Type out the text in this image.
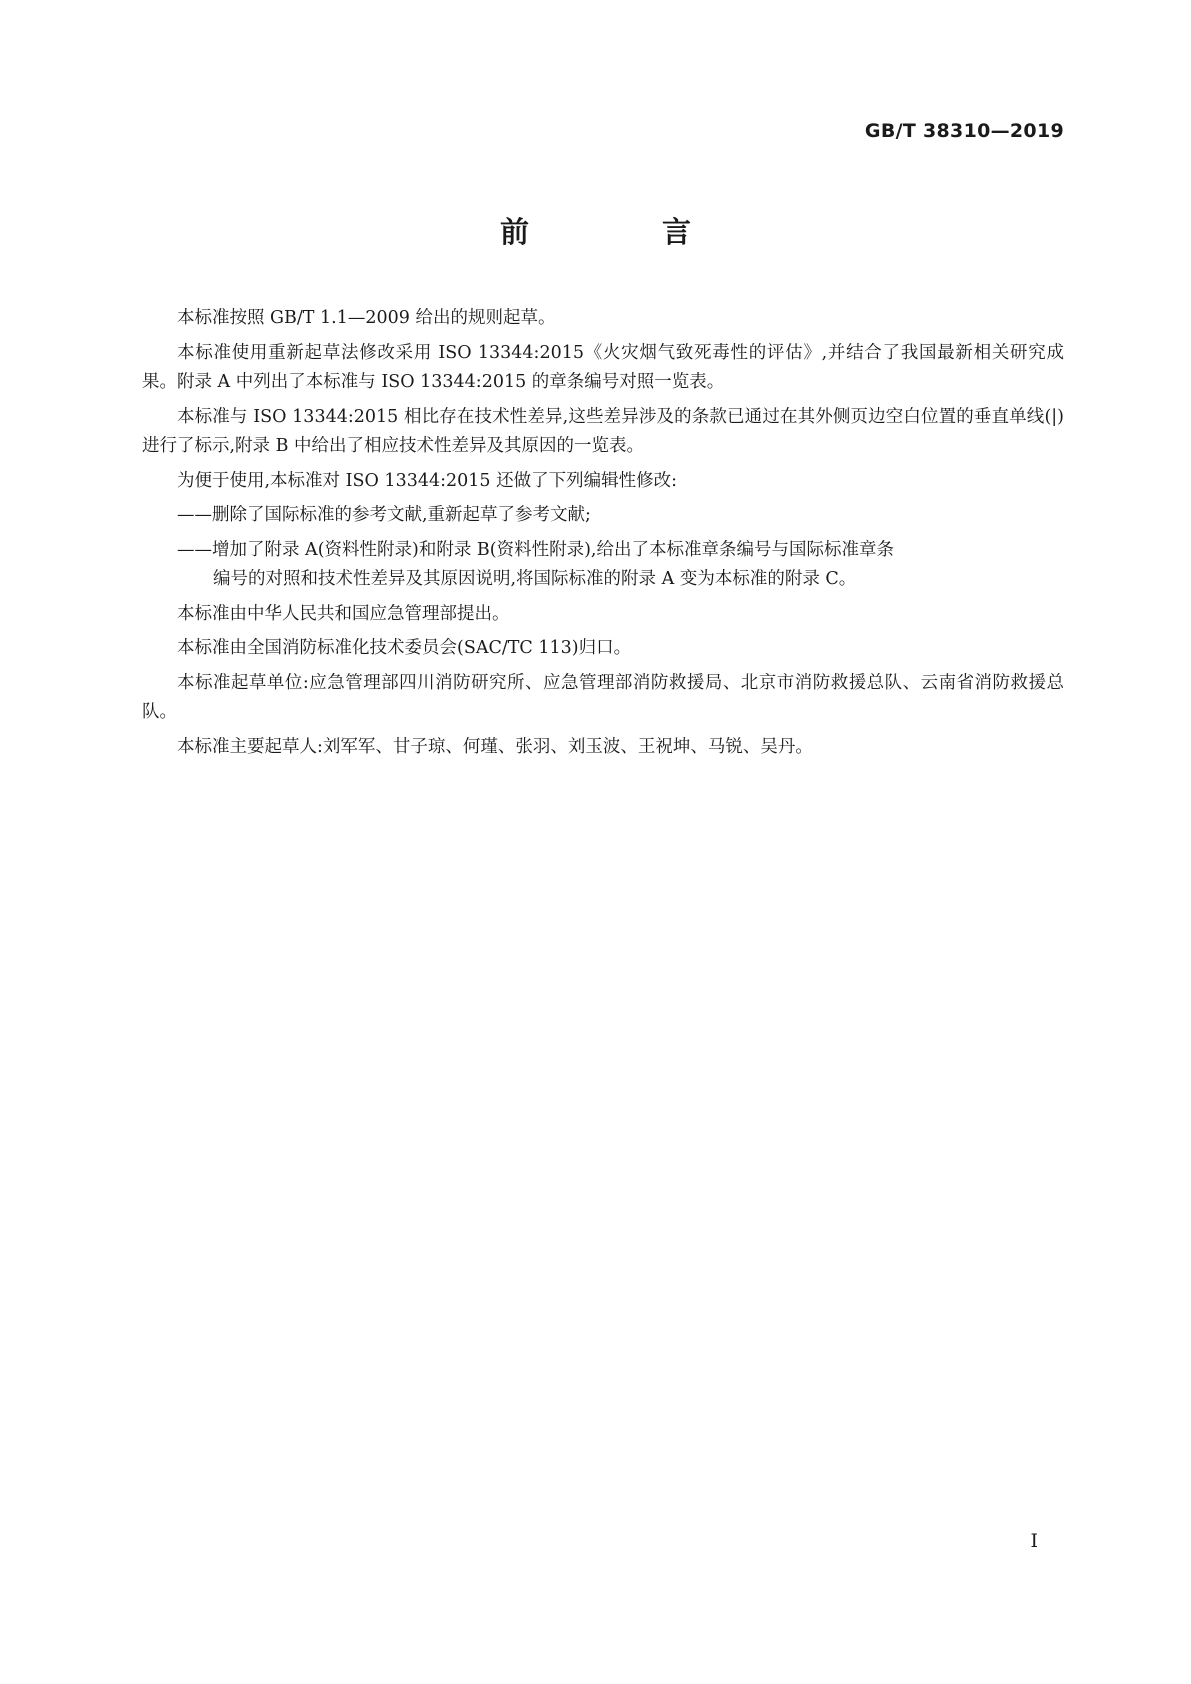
GB/T 38310—2019
前　言

本标准按照 GB/T 1.1—2009 给出的规则起草。

本标准使用重新起草法修改采用 ISO 13344:2015《火灾烟气致死毒性的评估》,并结合了我国最新相关研究成果。附录 A 中列出了本标准与 ISO 13344:2015 的章条编号对照一览表。

本标准与 ISO 13344:2015 相比存在技术性差异,这些差异涉及的条款已通过在其外侧页边空白位置的垂直单线(|)进行了标示,附录 B 中给出了相应技术性差异及其原因的一览表。

为便于使用,本标准对 ISO 13344:2015 还做了下列编辑性修改:

——删除了国际标准的参考文献,重新起草了参考文献;

——增加了附录 A(资料性附录)和附录 B(资料性附录),给出了本标准章条编号与国际标准章条
编号的对照和技术性差异及其原因说明,将国际标准的附录 A 变为本标准的附录 C。

本标准由中华人民共和国应急管理部提出。

本标准由全国消防标准化技术委员会(SAC/TC 113)归口。

本标准起草单位:应急管理部四川消防研究所、应急管理部消防救援局、北京市消防救援总队、云南省消防救援总队。

本标准主要起草人:刘军军、甘子琼、何瑾、张羽、刘玉波、王祝坤、马锐、吴丹。

I
